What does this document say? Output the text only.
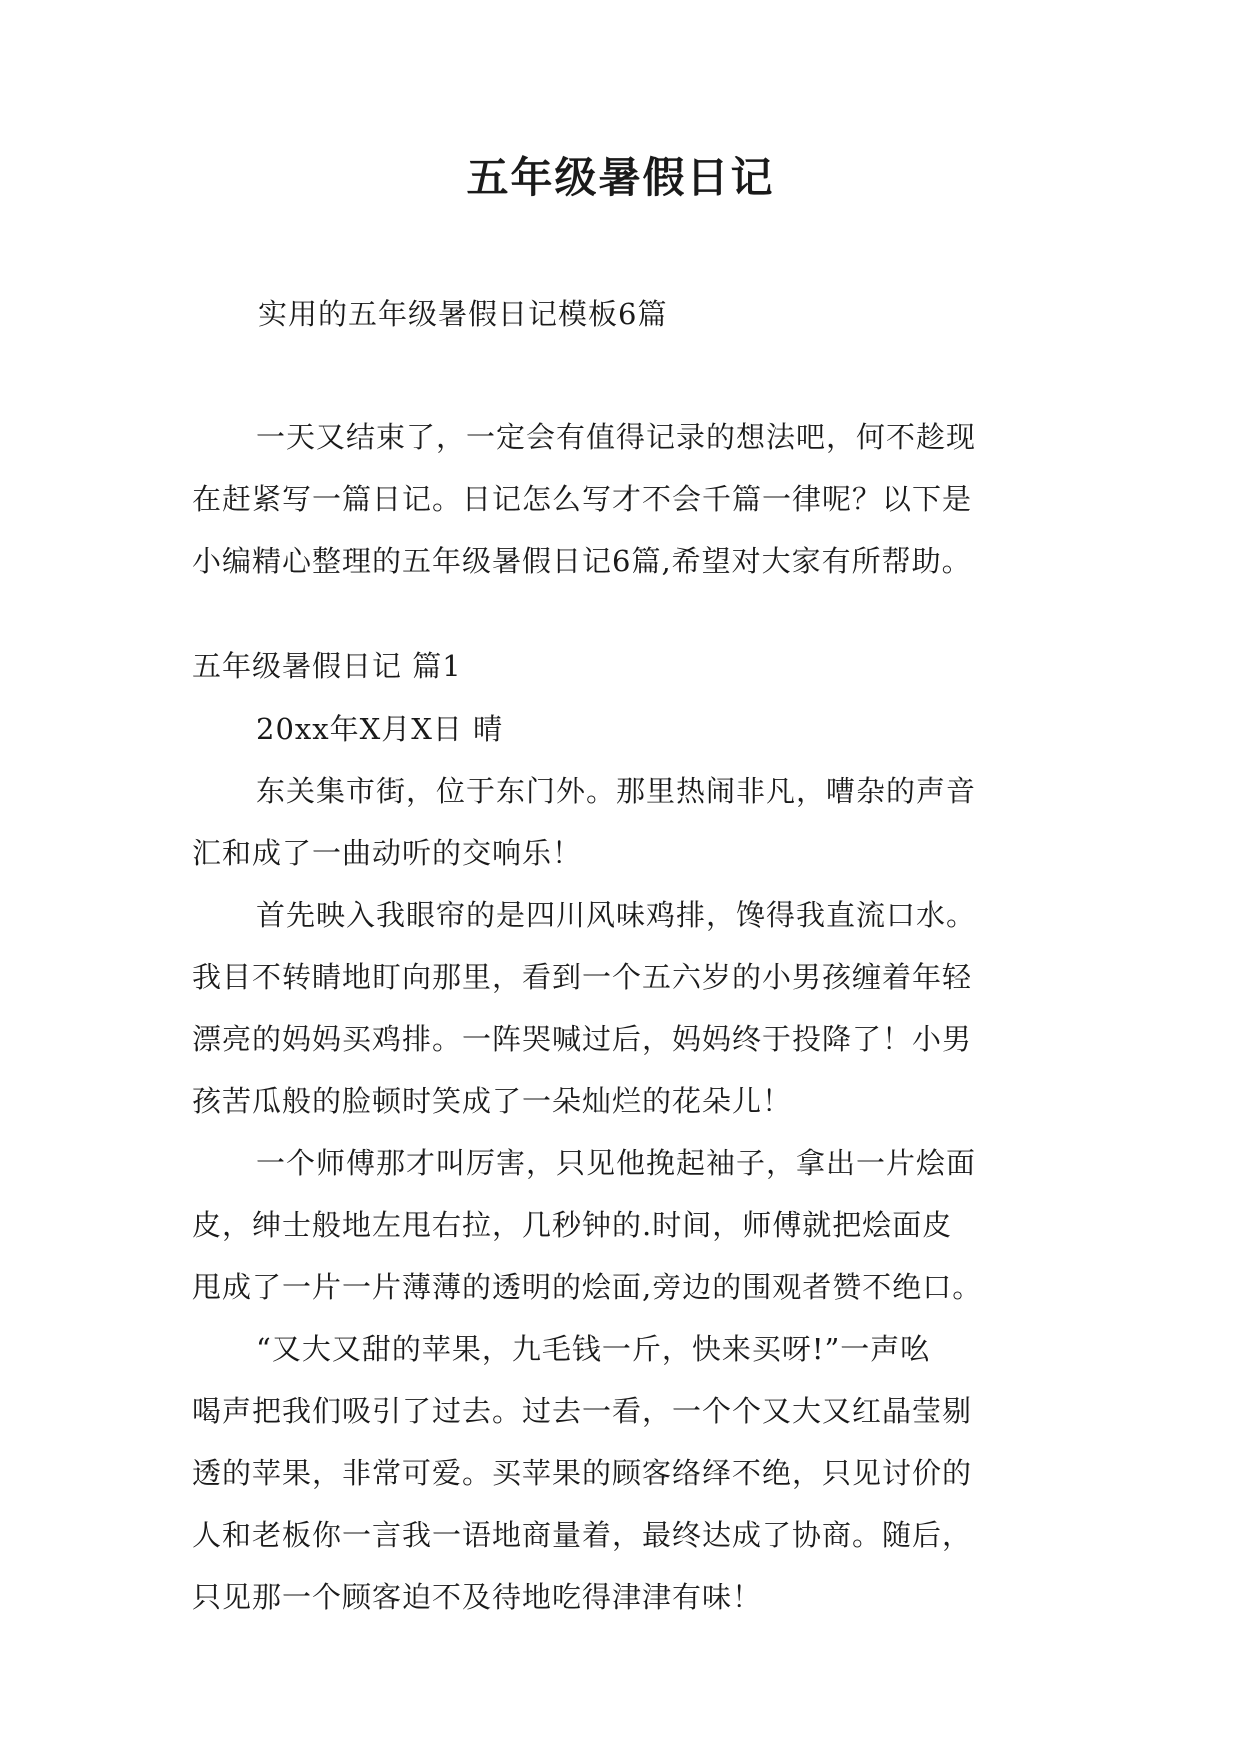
五年级暑假日记
实用的五年级暑假日记模板6篇
一天又结束了，一定会有值得记录的想法吧，何不趁现
在赶紧写一篇日记。日记怎么写才不会千篇一律呢？以下是
小编精心整理的五年级暑假日记6篇,希望对大家有所帮助。
五年级暑假日记 篇1
20xx年X月X日 晴
东关集市街，位于东门外。那里热闹非凡，嘈杂的声音
汇和成了一曲动听的交响乐！
首先映入我眼帘的是四川风味鸡排，馋得我直流口水。
我目不转睛地盯向那里，看到一个五六岁的小男孩缠着年轻
漂亮的妈妈买鸡排。一阵哭喊过后，妈妈终于投降了！小男
孩苦瓜般的脸顿时笑成了一朵灿烂的花朵儿！
一个师傅那才叫厉害，只见他挽起袖子，拿出一片烩面
皮，绅士般地左甩右拉，几秒钟的.时间，师傅就把烩面皮
甩成了一片一片薄薄的透明的烩面,旁边的围观者赞不绝口。
“又大又甜的苹果，九毛钱一斤，快来买呀!”一声吆
喝声把我们吸引了过去。过去一看，一个个又大又红晶莹剔
透的苹果，非常可爱。买苹果的顾客络绎不绝，只见讨价的
人和老板你一言我一语地商量着，最终达成了协商。随后，
只见那一个顾客迫不及待地吃得津津有味！
